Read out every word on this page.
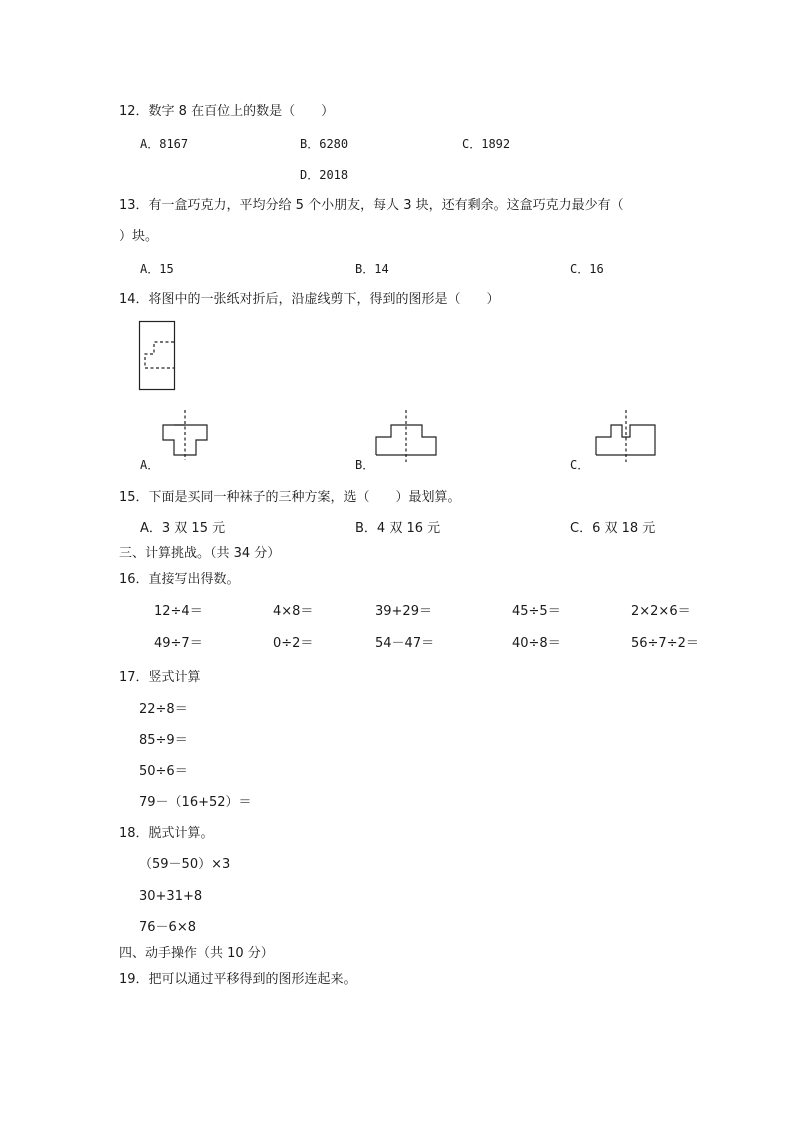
12．数字 8 在百位上的数是（　　）
A．8167	B．6280	C．1892
D．2018
13．有一盒巧克力，平均分给 5 个小朋友，每人 3 块，还有剩余。这盒巧克力最少有（
）块。
A．15	B．14	C．16
14．将图中的一张纸对折后，沿虚线剪下，得到的图形是（　　）
A．	B．	C．
15．下面是买同一种袜子的三种方案，选（　　）最划算。
A．3 双 15 元	B．4 双 16 元	C．6 双 18 元
三、计算挑战。（共 34 分）
16．直接写出得数。
12÷4＝	4×8＝	39+29＝	45÷5＝	2×2×6＝
49÷7＝	0÷2＝	54－47＝	40÷8＝	56÷7÷2＝
17．竖式计算
22÷8＝
85÷9＝
50÷6＝
79－（16+52）＝
18．脱式计算。
（59－50）×3
30+31+8
76－6×8
四、动手操作（共 10 分）
19．把可以通过平移得到的图形连起来。
